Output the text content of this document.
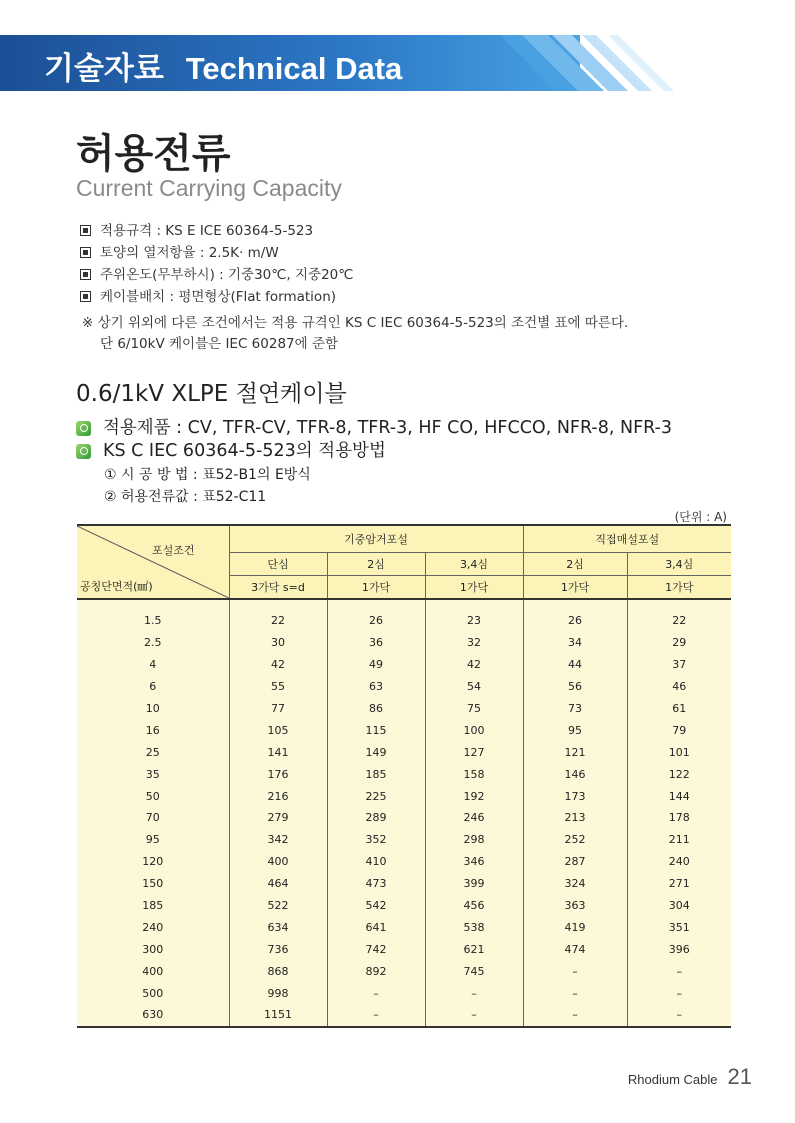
기술자료 Technical Data
허용전류
Current Carrying Capacity
적용규격 : KS E ICE 60364-5-523
토양의 열저항율 : 2.5K· m/W
주위온도(무부하시) : 기중30℃, 지중20℃
케이블배치 : 평면형상(Flat formation)
※ 상기 위외에 다른 조건에서는 적용 규격인 KS C IEC 60364-5-523의 조건별 표에 따른다.
단 6/10kV 케이블은 IEC 60287에 준함
0.6/1kV XLPE 절연케이블
적용제품 : CV, TFR-CV, TFR-8, TFR-3, HF CO, HFCCO, NFR-8, NFR-3
KS C IEC 60364-5-523의 적용방법
① 시 공 방 법 : 표52-B1의 E방식
② 허용전류값 : 표52-C11
(단위 : A)
포설조건
공칭단면적(㎟)	기중암거포설			직접매설포설	
	단심	2심	3,4심	2심	3,4심
	3가닥 s=d	1가닥	1가닥	1가닥	1가닥

1.5	22	26	23	26	22
2.5	30	36	32	34	29
4	42	49	42	44	37
6	55	63	54	56	46
10	77	86	75	73	61
16	105	115	100	95	79
25	141	149	127	121	101
35	176	185	158	146	122
50	216	225	192	173	144
70	279	289	246	213	178
95	342	352	298	252	211
120	400	410	346	287	240
150	464	473	399	324	271
185	522	542	456	363	304
240	634	641	538	419	351
300	736	742	621	474	396
400	868	892	745	–	–
500	998	–	–	–	–
630	1151	–	–	–	–
Rhodium Cable 21
